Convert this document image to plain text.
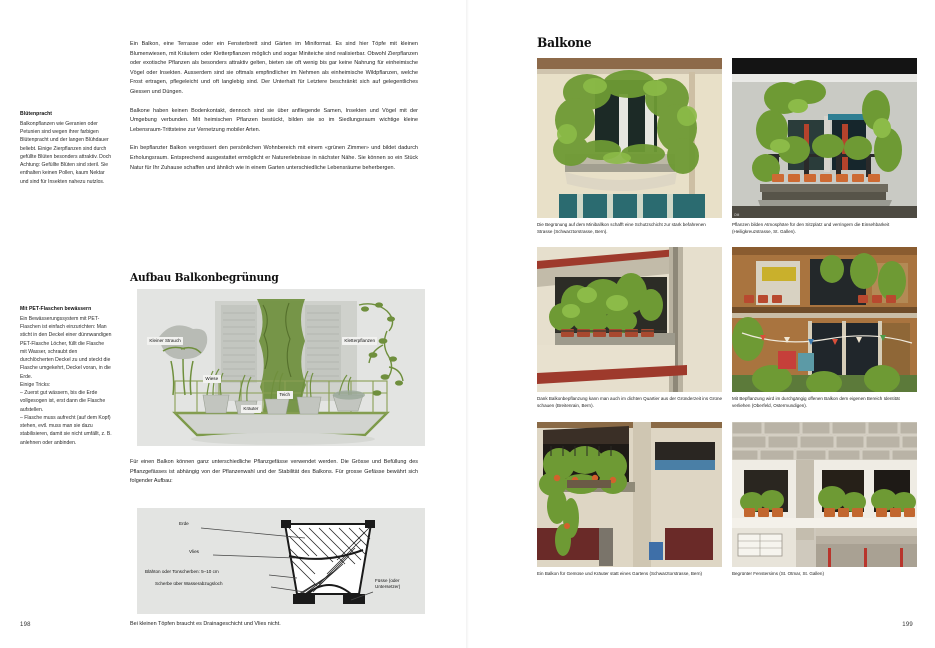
Blütenpracht

Balkonpflanzen wie Geranien oder Petunien sind wegen ihrer farbigen Blütenpracht und der langen Blühdauer beliebt. Einige Zierpflanzen sind durch gefüllte Blüten besonders attraktiv. Doch Achtung: Gefüllte Blüten sind steril. Sie enthalten keinen Pollen, kaum Nektar und sind für Insekten nahezu nutzlos.

Mit PET-Flaschen bewässern

Ein Bewässerungssystem mit PET-Flaschen ist einfach einzurichten: Man sticht in den Deckel einer dünnwandigen PET-Flasche Löcher, füllt die Flasche mit Wasser, schraubt den durchlöcherten Deckel zu und steckt die Flasche umgekehrt, Deckel voran, in die Erde.

Einige Tricks:

– Zuerst gut wässern, bis die Erde vollgesogen ist, erst dann die Flasche aufstellen.

– Flasche muss aufrecht (auf dem Kopf) stehen, evtl. muss man sie dazu stabilisieren, damit sie nicht umfällt, z. B. anlehnen oder anbinden.

Ein Balkon, eine Terrasse oder ein Fensterbrett sind Gärten im Miniformat. Es sind hier Töpfe mit kleinen Blumenwiesen, mit Kräutern oder Kletterpflanzen möglich und sogar Miniteiche sind realisierbar. Obwohl Zierpflanzen oder exotische Pflanzen als besonders attraktiv gelten, bieten sie oft wenig bis gar keine Nahrung für einheimische Vögel oder Insekten. Ausserdem sind sie oftmals empfindlicher im Nehmen als einheimische Wildpflanzen, welche Frost ertragen, pflegeleicht und oft langlebig sind. Der Unterhalt für Letztere beschränkt sich auf gelegentliches Giessen und Düngen.

Balkone haben keinen Bodenkontakt, dennoch sind sie über anfliegende Samen, Insekten und Vögel mit der Umgebung verbunden. Mit heimischen Pflanzen bestückt, bilden sie so im Siedlungsraum wichtige kleine Lebensraum-Trittsteine zur Vernetzung mobiler Arten.

Ein bepflanzter Balkon vergrössert den persönlichen Wohnbereich mit einem «grünen Zimmer» und bildet dadurch Erholungsraum. Entsprechend ausgestattet ermöglicht er Naturerlebnisse in nächster Nähe. Sie können so ein Stück Natur für Ihr Zuhause schaffen und ähnlich wie in einem Garten unterschiedliche Lebensräume beherbergen.

Aufbau Balkonbegrünung
Kleiner Strauch	Kletterpflanzen
Wiese
Kräuter
Teich

Für einen Balkon können ganz unterschiedliche Pflanzgefässe verwendet werden. Die Grösse und Befüllung des Pflanzgefässes ist abhängig von der Pflanzenwahl und der Stabilität des Balkons. Für grosse Gefässe bewährt sich folgender Aufbau:

Erde
Vlies
Blähton oder Tonscherben: 5–10 cm
Scherbe über Wasserabzugsloch
Füsse (oder Untersetzer)

Bei kleinen Töpfen braucht es Drainageschicht und Vlies nicht.

198
Balkone
Die Begrünung auf dem Miniballkon schafft eine Schutzschicht zur stark befahrenen Strasse (Schwarztorstrasse, Bern).
OM
Pflanzen bilden Atmosphäre für den Sitzplatz und verringern die Einsehbarkeit (Heiligkreuzstrasse, St. Gallen).
Dank Balkonbepflanzung kann man auch im dichten Quartier aus der Gründerzeit ins Grüne schauen (Breitenrain, Bern).
Mit Bepflanzung wird im durchgängig offenen Balkon dem eigenen Bereich Identität verliehen (Oberfeld, Ostermundigen).
Ein Balkon für Gemüse und Kräuter statt eines Gartens (Schwarztorstrasse, Bern)	Begrünter Fenstersims (St. Otmar, St. Gallen)
199
